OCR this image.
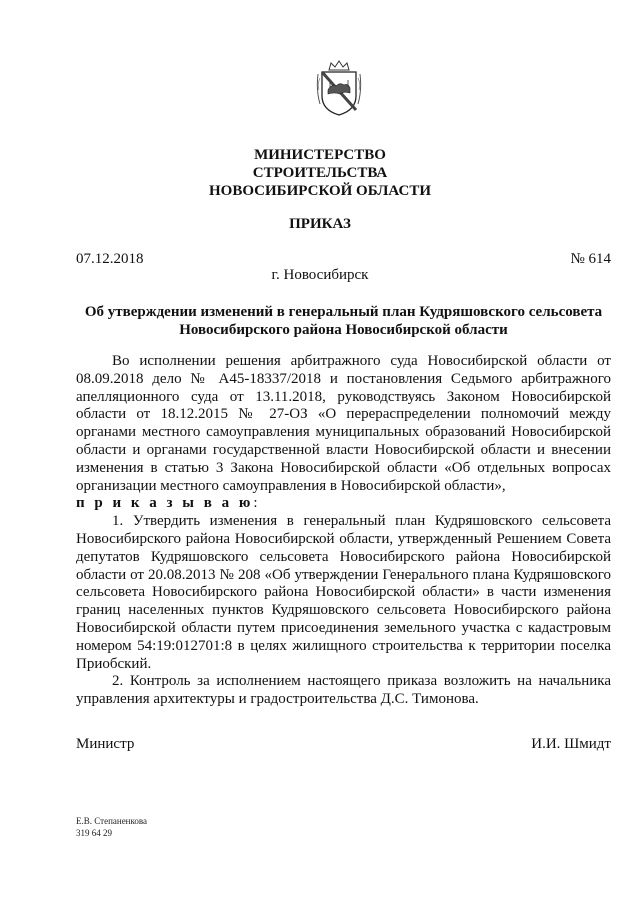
МИНИСТЕРСТВО
СТРОИТЕЛЬСТВА
НОВОСИБИРСКОЙ ОБЛАСТИ
ПРИКАЗ
07.12.2018	№ 614
г. Новосибирск
Об утверждении изменений в генеральный план Кудряшовского сельсовета
Новосибирского района Новосибирской области

Во исполнении решения арбитражного суда Новосибирской области от 08.09.2018 дело № А45-18337/2018 и постановления Седьмого арбитражного апелляционного суда от 13.11.2018, руководствуясь Законом Новосибирской области от 18.12.2015 № 27-ОЗ «О перераспределении полномочий между органами местного самоуправления муниципальных образований Новосибирской области и органами государственной власти Новосибирской области и внесении изменения в статью 3 Закона Новосибирской области «Об отдельных вопросах организации местного самоуправления в Новосибирской области»,
п р и к а з ы в а ю:

1. Утвердить изменения в генеральный план Кудряшовского сельсовета Новосибирского района Новосибирской области, утвержденный Решением Совета депутатов Кудряшовского сельсовета Новосибирского района Новосибирской области от 20.08.2013 № 208 «Об утверждении Генерального плана Кудряшовского сельсовета Новосибирского района Новосибирской области» в части изменения границ населенных пунктов Кудряшовского сельсовета Новосибирского района Новосибирской области путем присоединения земельного участка с кадастровым номером 54:19:012701:8 в целях жилищного строительства к территории поселка Приобский.

2. Контроль за исполнением настоящего приказа возложить на начальника управления архитектуры и градостроительства Д.С. Тимонова.

Министр	И.И. Шмидт
Е.В. Степаненкова
319 64 29
